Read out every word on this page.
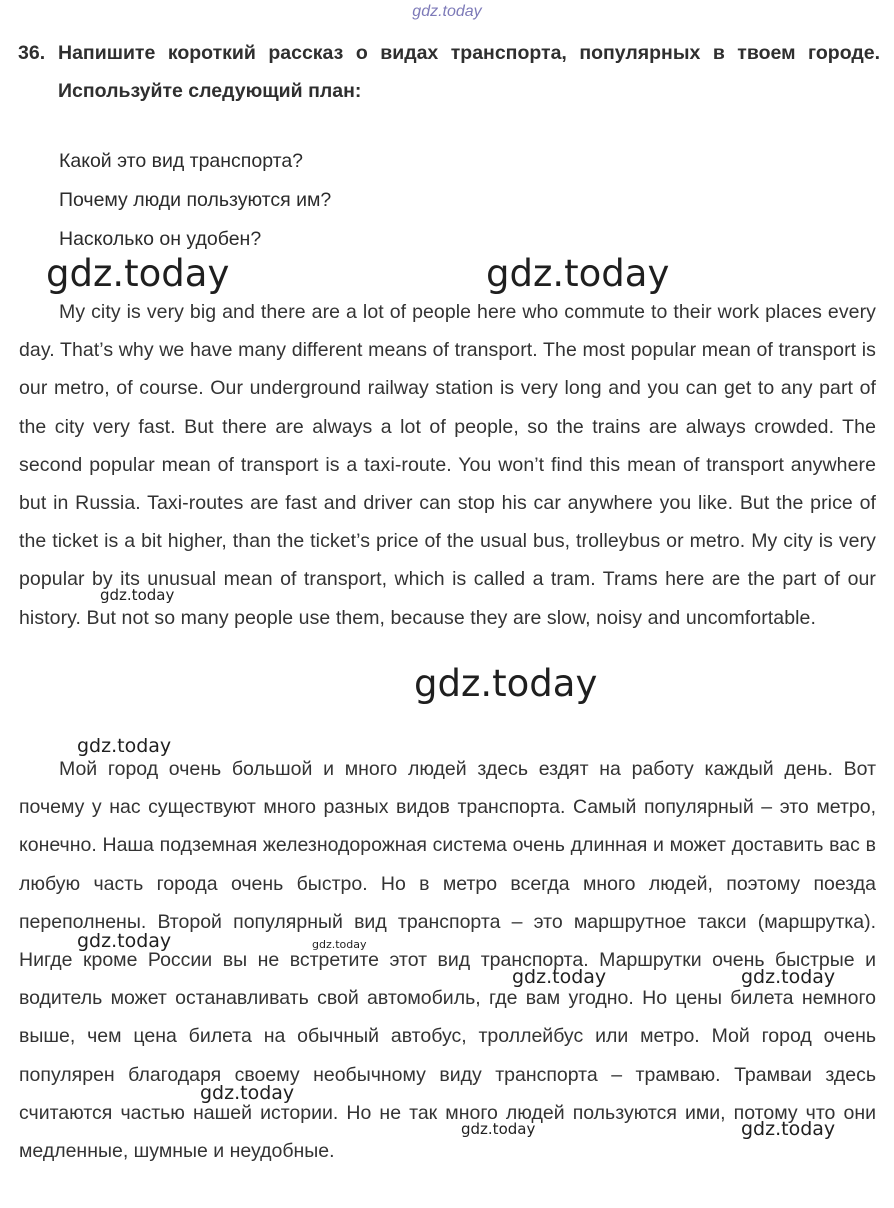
gdz.today
36. Напишите короткий рассказ о видах транспорта, популярных в твоем городе. Используйте следующий план:
Какой это вид транспорта?
Почему люди пользуются им?
Насколько он удобен?
My city is very big and there are a lot of people here who commute to their work places every day. That’s why we have many different means of transport. The most popular mean of transport is our metro, of course. Our underground railway station is very long and you can get to any part of the city very fast. But there are always a lot of people, so the trains are always crowded. The second popular mean of transport is a taxi-route. You won’t find this mean of transport anywhere but in Russia. Taxi-routes are fast and driver can stop his car anywhere you like. But the price of the ticket is a bit higher, than the ticket’s price of the usual bus, trolleybus or metro. My city is very popular by its unusual mean of transport, which is called a tram. Trams here are the part of our history. But not so many people use them, because they are slow, noisy and uncomfortable.
Мой город очень большой и много людей здесь ездят на работу каждый день. Вот почему у нас существуют много разных видов транспорта. Самый популярный – это метро, конечно. Наша подземная железнодорожная система очень длинная и может доставить вас в любую часть города очень быстро. Но в метро всегда много людей, поэтому поезда переполнены. Второй популярный вид транспорта – это маршрутное такси (маршрутка). Нигде кроме России вы не встретите этот вид транспорта. Маршрутки очень быстрые и водитель может останавливать свой автомобиль, где вам угодно. Но цены билета немного выше, чем цена билета на обычный автобус, троллейбус или метро. Мой город очень популярен благодаря своему необычному виду транспорта – трамваю. Трамваи здесь считаются частью нашей истории. Но не так много людей пользуются ими, потому что они медленные, шумные и неудобные.
gdz.today	gdz.today
gdz.today
gdz.today
gdz.today
gdz.today	gdz.today
gdz.today	gdz.today
gdz.today
gdz.today	gdz.today
